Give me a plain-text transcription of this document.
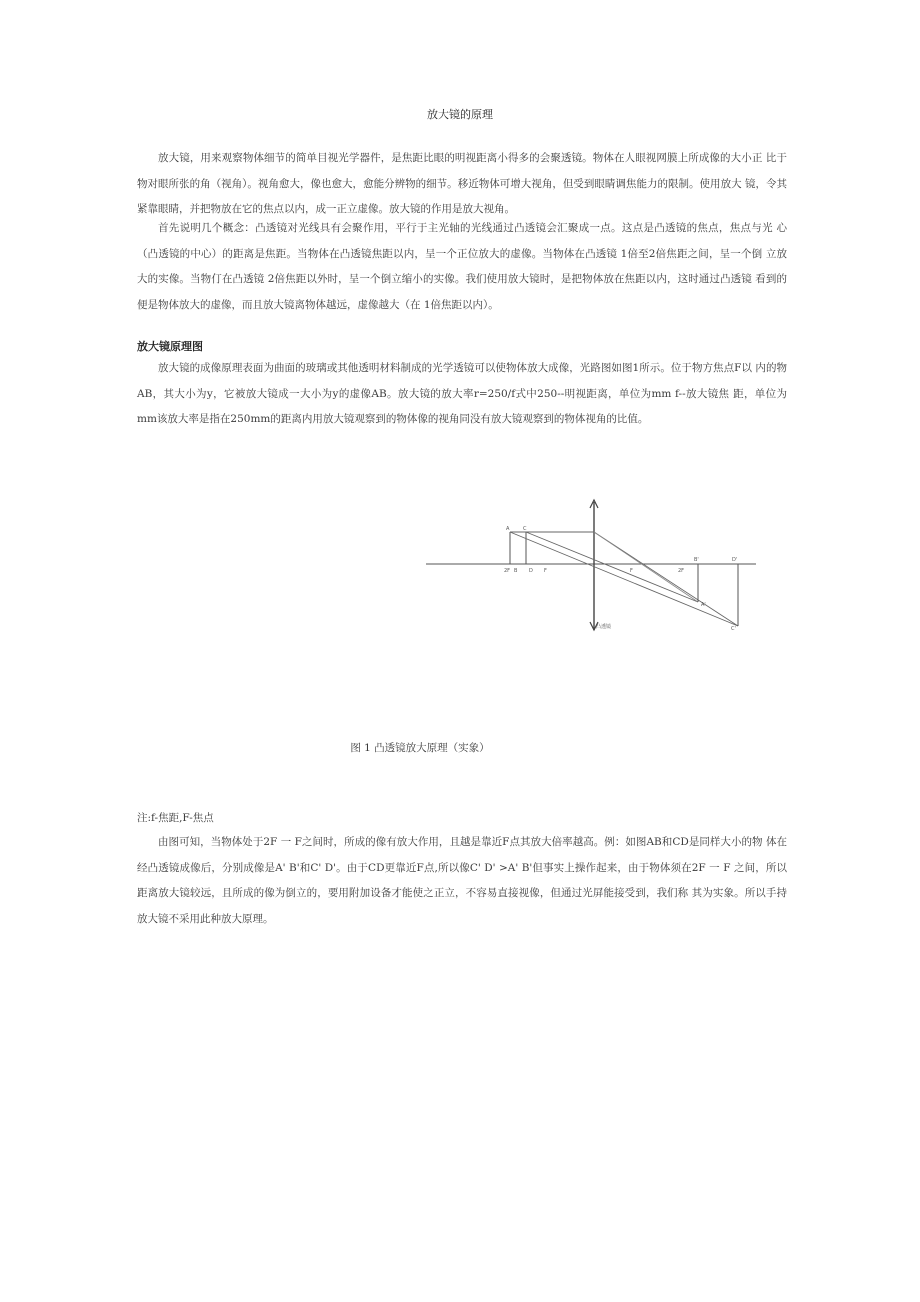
放大镜的原理

放大镜，用来观察物体细节的简单目视光学器件，是焦距比眼的明视距离小得多的会聚透镜。物体在人眼视网膜上所成像的大小正 比于物对眼所张的角（视角）。视角愈大，像也愈大，愈能分辨物的细节。移近物体可增大视角，但受到眼睛调焦能力的限制。使用放大 镜，令其紧靠眼睛，并把物放在它的焦点以内，成一正立虚像。放大镜的作用是放大视角。

首先说明几个概念：凸透镜对光线具有会聚作用，平行于主光轴的光线通过凸透镜会汇聚成一点。这点是凸透镜的焦点，焦点与光 心（凸透镜的中心）的距离是焦距。当物体在凸透镜焦距以内，呈一个正位放大的虚像。当物体在凸透镜 1倍至2倍焦距之间，呈一个倒 立放大的实像。当物仃在凸透镜 2倍焦距以外时，呈一个倒立缩小的实像。我们使用放大镜时，是把物体放在焦距以内，这时通过凸透镜 看到的便是物体放大的虚像，而且放大镜离物体越远，虚像越大（在 1倍焦距以内）。

放大镜原理图

放大镜的成像原理表面为曲面的玻璃或其他透明材料制成的光学透镜可以使物体放大成像，光路图如图1所示。位于物方焦点F以 内的物AB，其大小为y，它被放大镜成一大小为y的虚像AB。放大镜的放大率r=250/f式中250--明视距离，单位为mm f--放大镜焦 距，单位为mm该放大率是指在250mm的距离内用放大镜观察到的物体像的视角同没有放大镜观察到的物体视角的比值。

2F	F	F	2F
A	C
B D
A'
C'
B'	D'
凸透镜
图 1 凸透镜放大原理（实象）
注:f-焦距,F-焦点

由图可知，当物体处于2F 一 F之间时，所成的像有放大作用，且越是靠近F点其放大倍率越高。例：如图AB和CD是同样大小的物 体在经凸透镜成像后，分别成像是A' B'和C' D'。由于CD更靠近F点,所以像C' D' >A' B'但事实上操作起来，由于物体须在2F 一 F 之间，所以距离放大镜较远，且所成的像为倒立的，要用附加设备才能使之正立，不容易直接视像，但通过光屏能接受到，我们称 其为实象。所以手持放大镜不采用此种放大原理。
